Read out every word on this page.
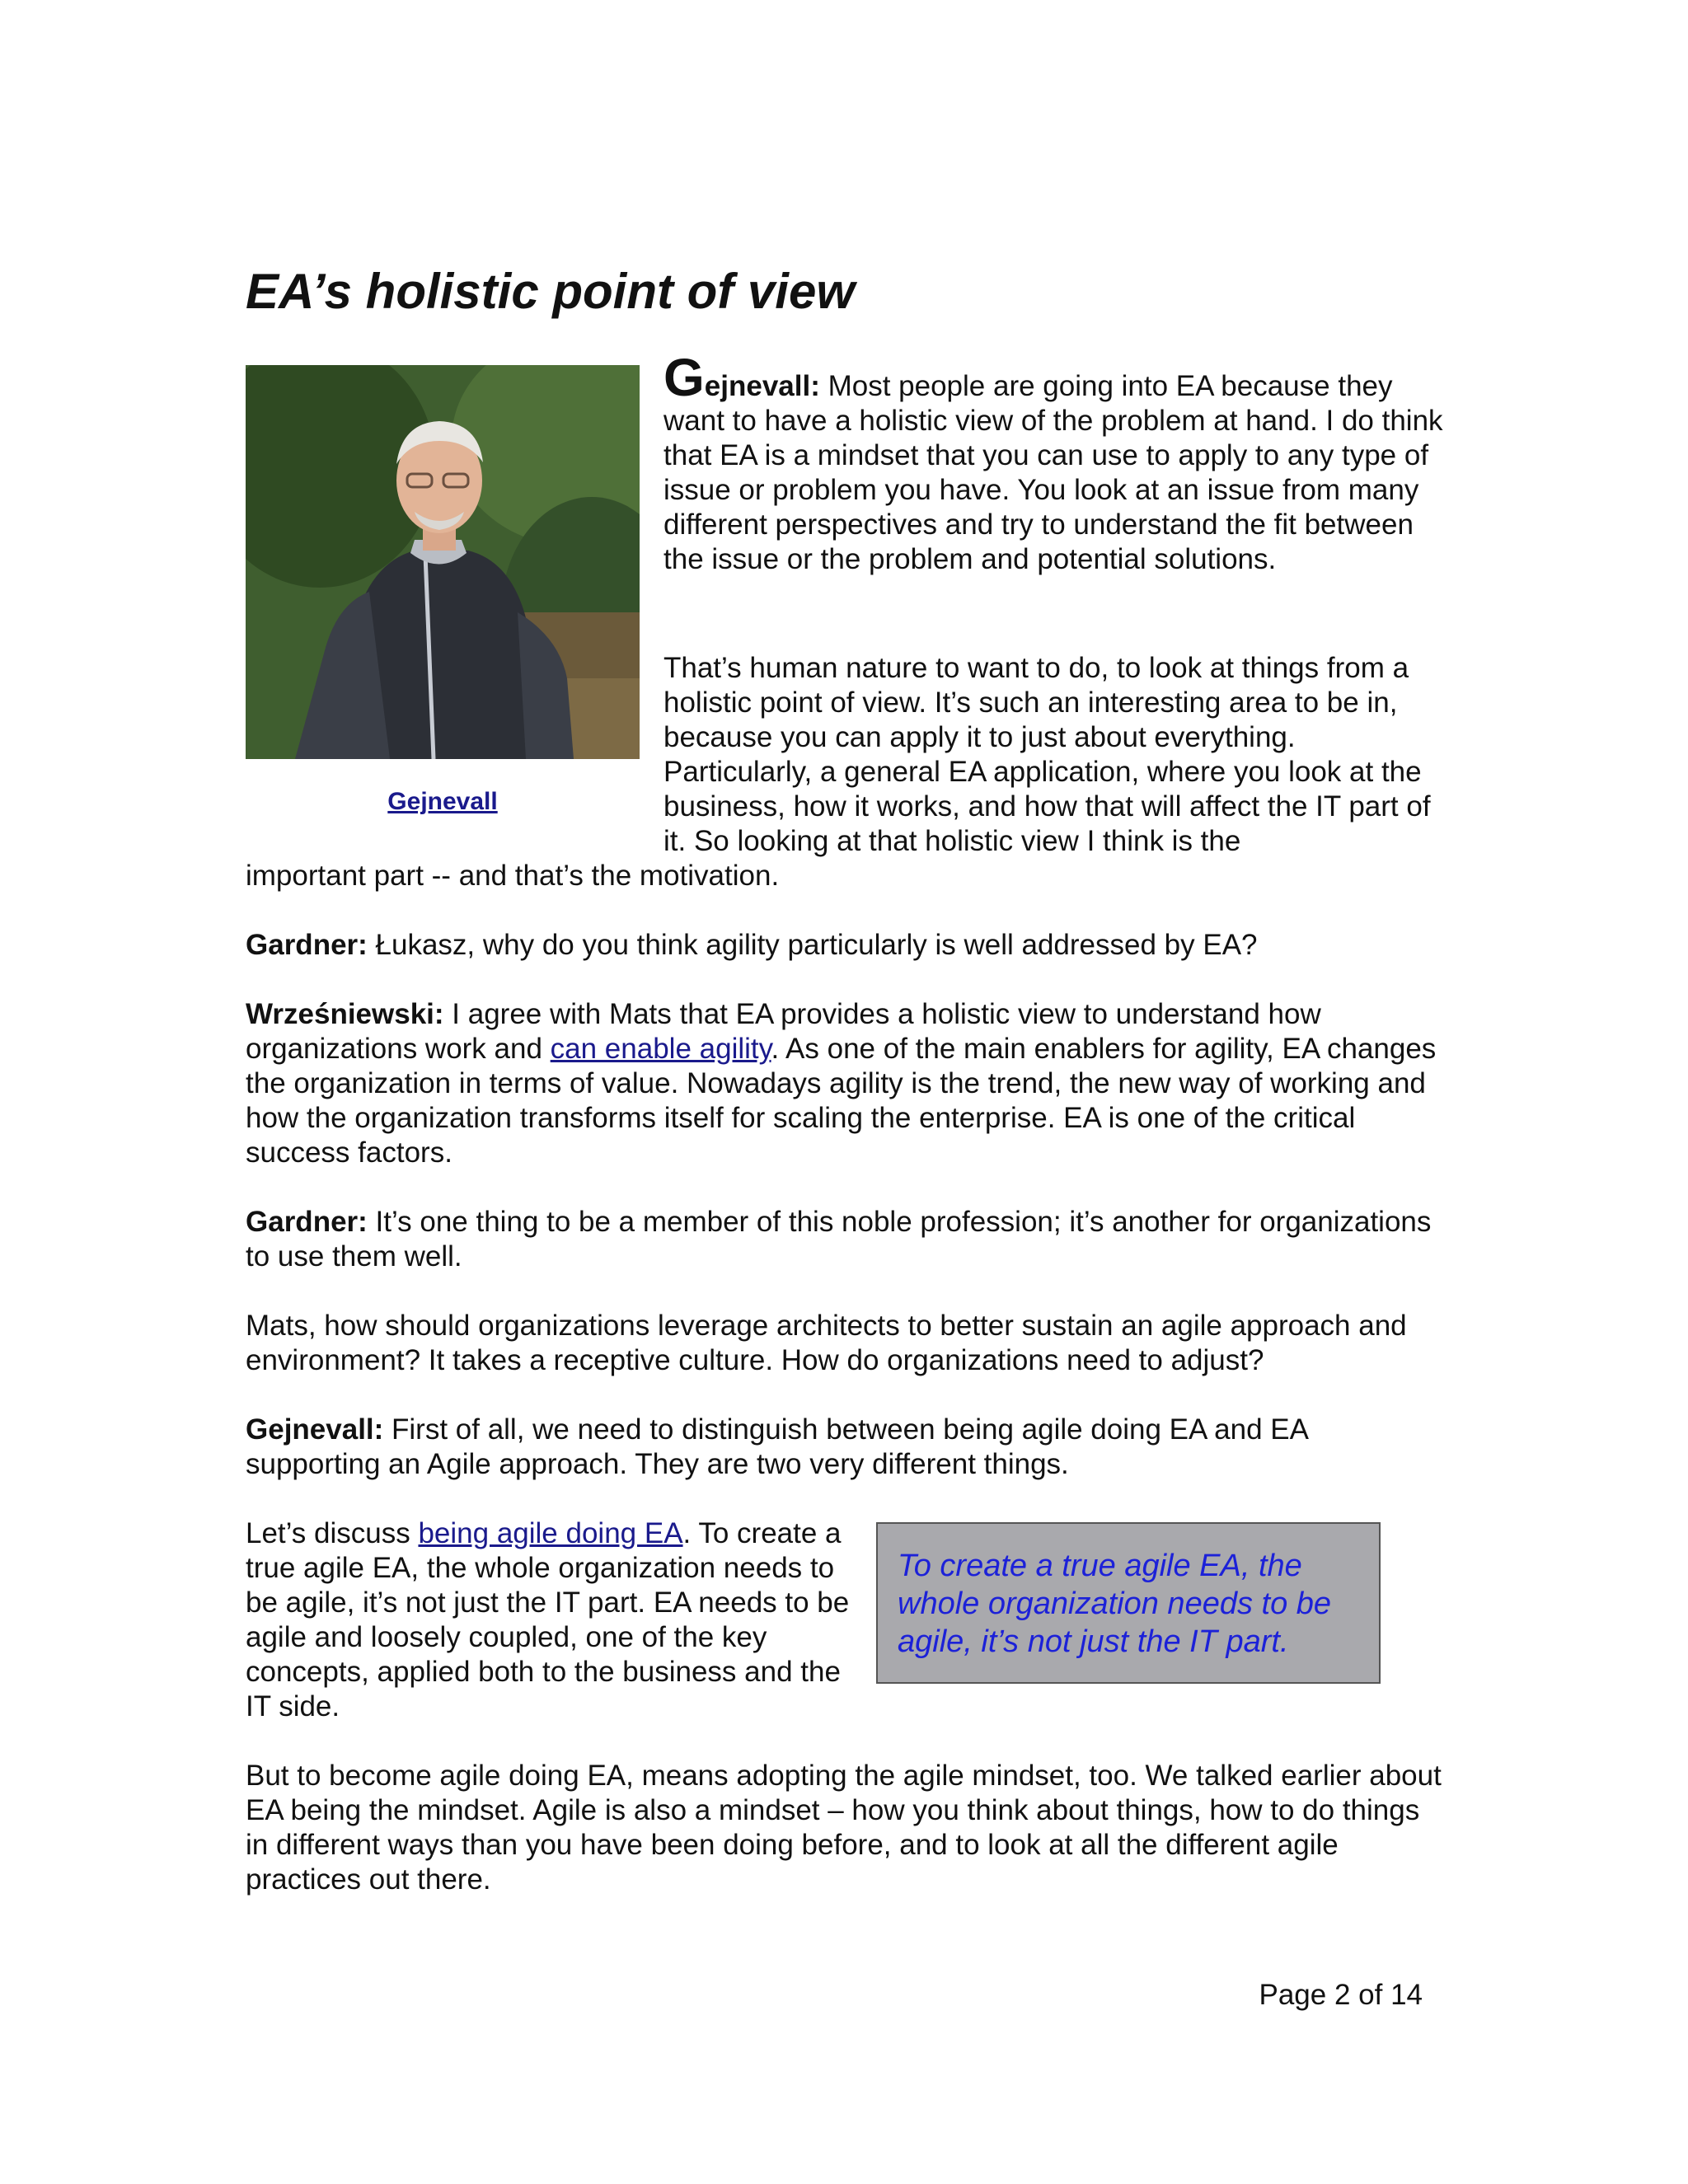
EA’s holistic point of view
Gejnevall
Gejnevall: Most people are going into EA because they want to have a holistic view of the problem at hand. I do think that EA is a mindset that you can use to apply to any type of issue or problem you have. You look at an issue from many different perspectives and try to understand the fit between the issue or the problem and potential solutions.
That’s human nature to want to do, to look at things from a holistic point of view. It’s such an interesting area to be in, because you can apply it to just about everything. Particularly, a general EA application, where you look at the business, how it works, and how that will affect the IT part of it. So looking at that holistic view I think is the
important part -- and that’s the motivation.
Gardner: Łukasz, why do you think agility particularly is well addressed by EA?
Wrześniewski: I agree with Mats that EA provides a holistic view to understand how organizations work and can enable agility. As one of the main enablers for agility, EA changes the organization in terms of value. Nowadays agility is the trend, the new way of working and how the organization transforms itself for scaling the enterprise. EA is one of the critical success factors.
Gardner: It’s one thing to be a member of this noble profession; it’s another for organizations to use them well.
Mats, how should organizations leverage architects to better sustain an agile approach and environment? It takes a receptive culture. How do organizations need to adjust?
Gejnevall: First of all, we need to distinguish between being agile doing EA and EA supporting an Agile approach. They are two very different things.
Let’s discuss being agile doing EA. To create a true agile EA, the whole organization needs to be agile, it’s not just the IT part. EA needs to be agile and loosely coupled, one of the key concepts, applied both to the business and the IT side.
To create a true agile EA, the whole organization needs to be agile, it’s not just the IT part.
But to become agile doing EA, means adopting the agile mindset, too. We talked earlier about EA being the mindset. Agile is also a mindset – how you think about things, how to do things in different ways than you have been doing before, and to look at all the different agile practices out there.
Page 2 of 14
